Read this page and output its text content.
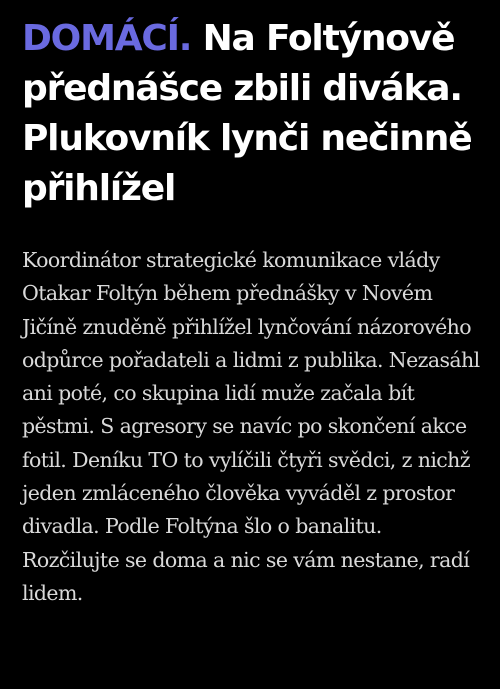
DOMÁCÍ. Na Foltýnově přednášce zbili diváka. Plukovník lynči nečinně přihlížel

Koordinátor strategické komunikace vlády Otakar Foltýn během přednášky v Novém Jičíně znuděně přihlížel lynčování názorového odpůrce pořadateli a lidmi z publika. Nezasáhl ani poté, co skupina lidí muže začala bít pěstmi. S agresory se navíc po skončení akce fotil. Deníku TO to vylíčili čtyři svědci, z nichž jeden zmláceného člověka vyváděl z prostor divadla. Podle Foltýna šlo o banalitu. Rozčilujte se doma a nic se vám nestane, radí lidem.
